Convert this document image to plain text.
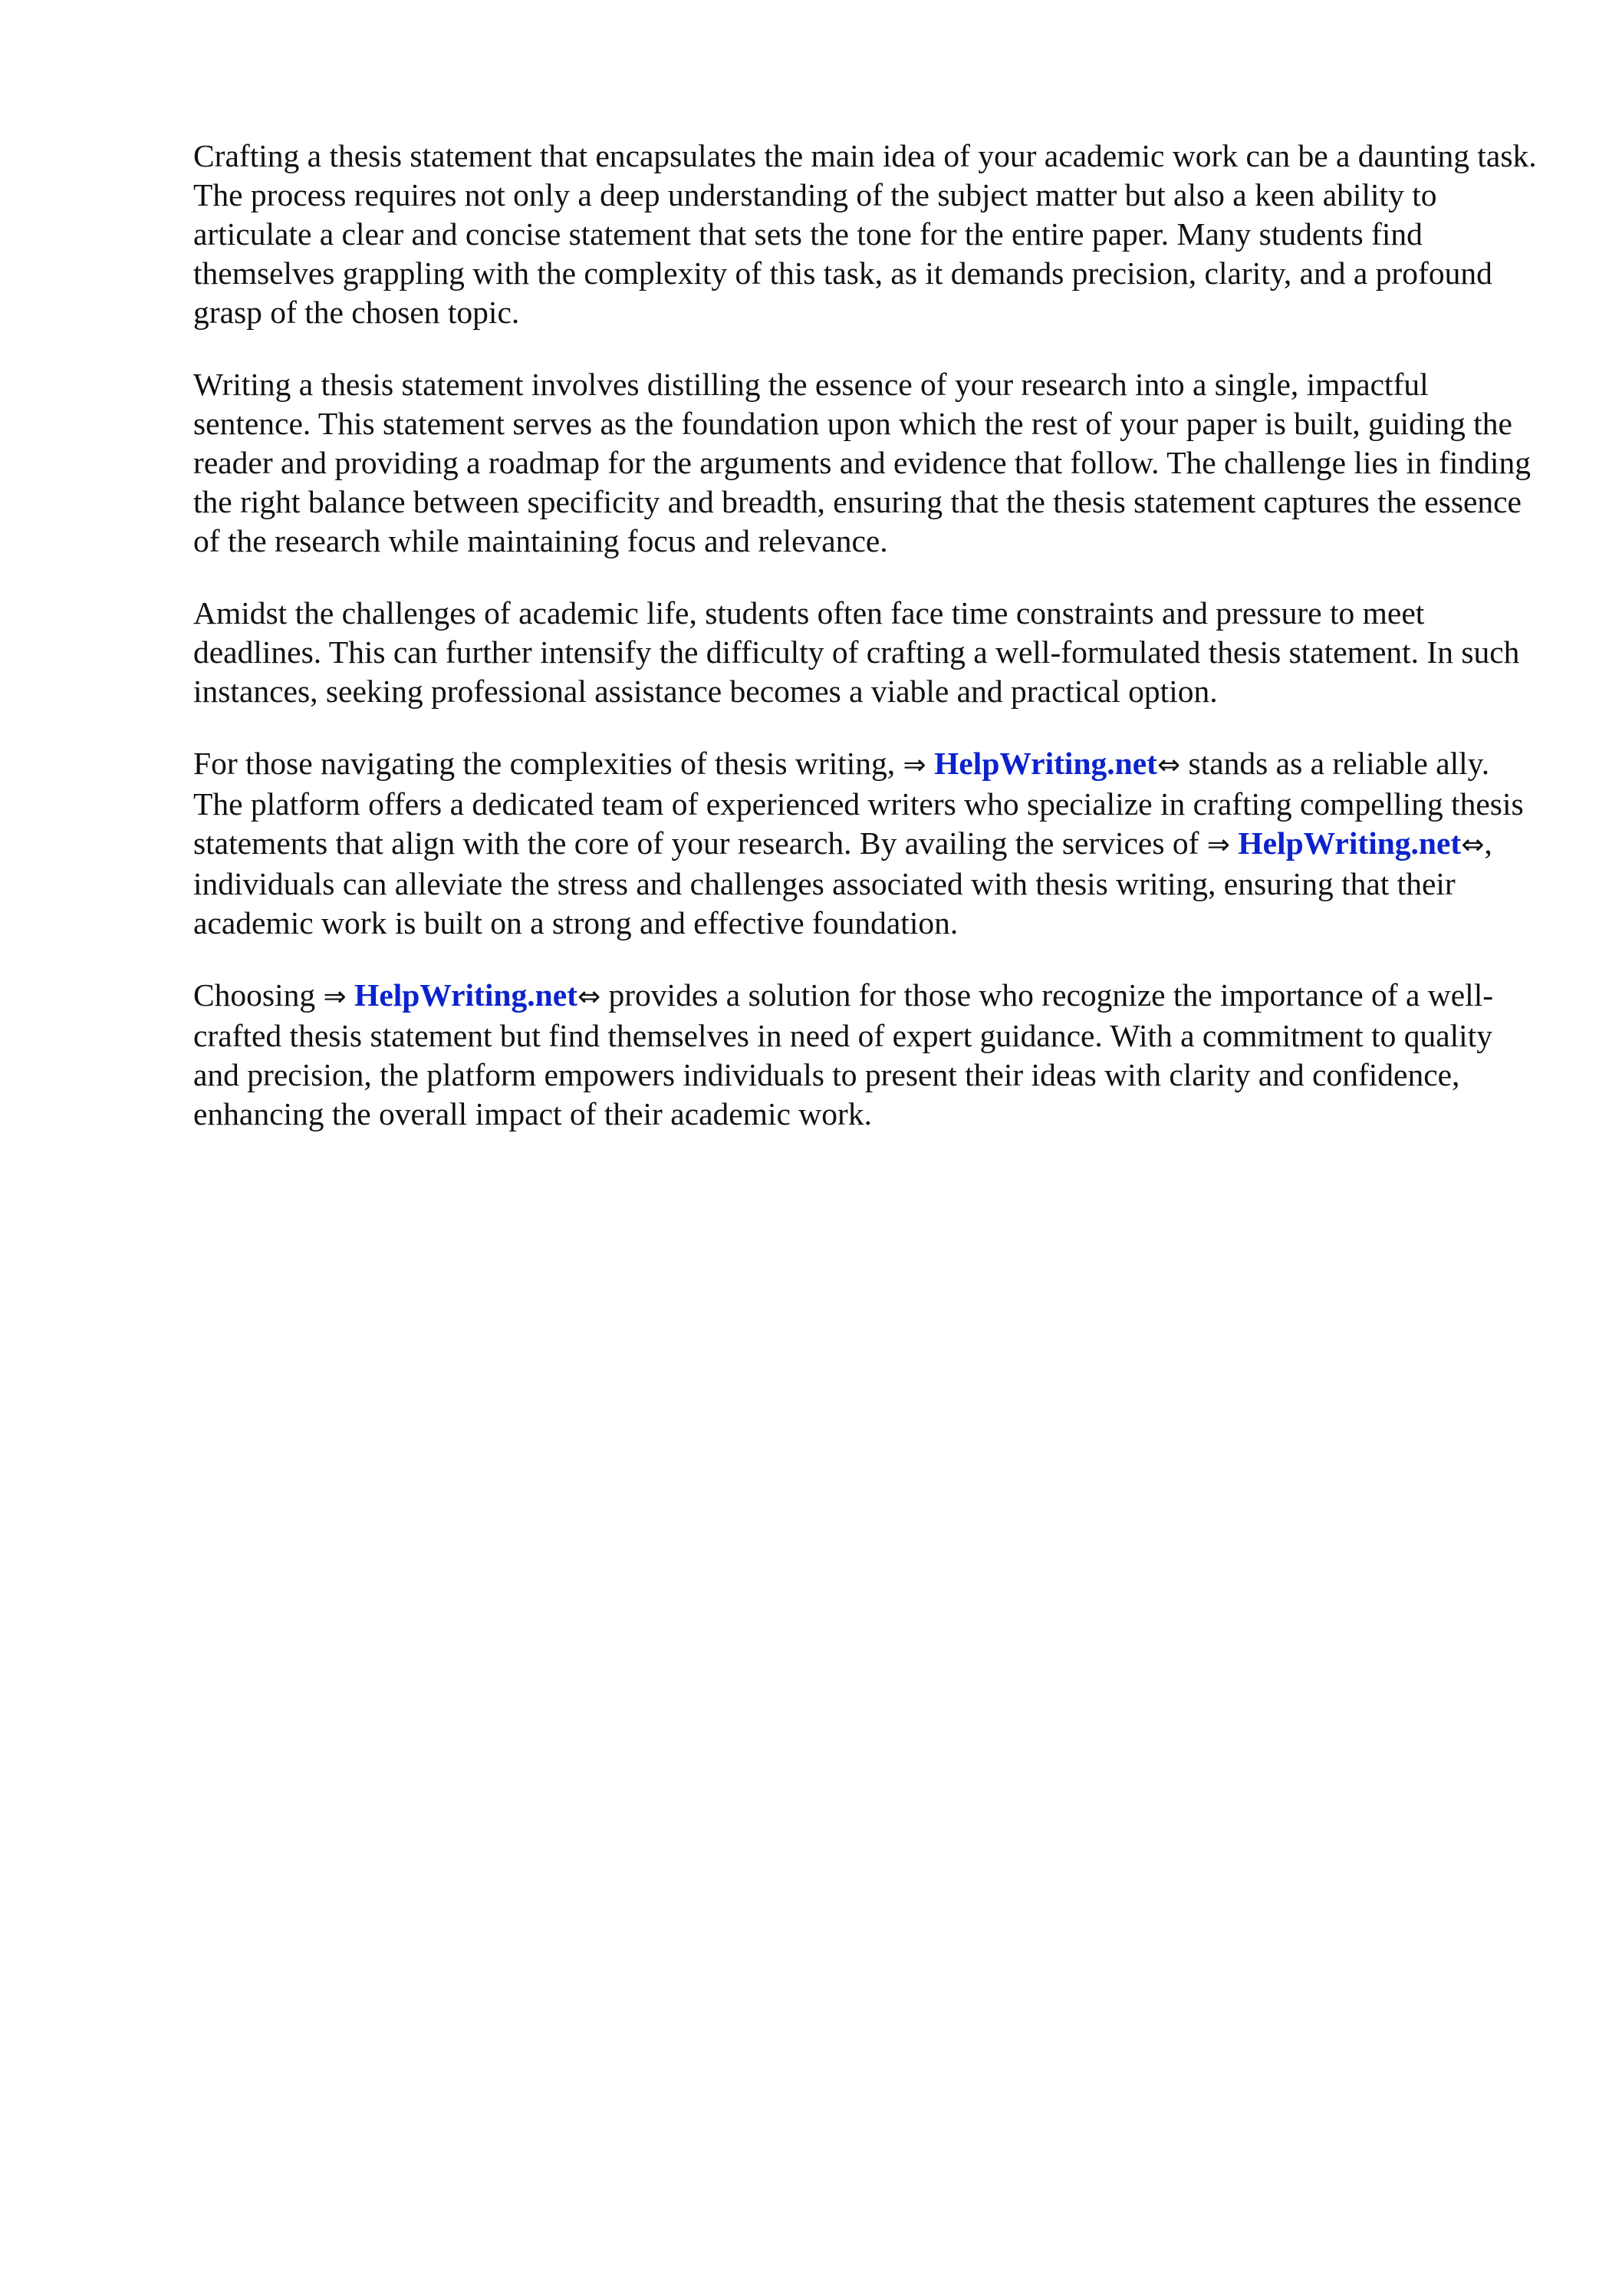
Crafting a thesis statement that encapsulates the main idea of your academic work can be a daunting task. The process requires not only a deep understanding of the subject matter but also a keen ability to articulate a clear and concise statement that sets the tone for the entire paper. Many students find themselves grappling with the complexity of this task, as it demands precision, clarity, and a profound grasp of the chosen topic.

Writing a thesis statement involves distilling the essence of your research into a single, impactful sentence. This statement serves as the foundation upon which the rest of your paper is built, guiding the reader and providing a roadmap for the arguments and evidence that follow. The challenge lies in finding the right balance between specificity and breadth, ensuring that the thesis statement captures the essence of the research while maintaining focus and relevance.

Amidst the challenges of academic life, students often face time constraints and pressure to meet deadlines. This can further intensify the difficulty of crafting a well-formulated thesis statement. In such instances, seeking professional assistance becomes a viable and practical option.

For those navigating the complexities of thesis writing, ⇒ HelpWriting.net⇔ stands as a reliable ally. The platform offers a dedicated team of experienced writers who specialize in crafting compelling thesis statements that align with the core of your research. By availing the services of ⇒ HelpWriting.net⇔, individuals can alleviate the stress and challenges associated with thesis writing, ensuring that their academic work is built on a strong and effective foundation.

Choosing ⇒ HelpWriting.net⇔ provides a solution for those who recognize the importance of a well-crafted thesis statement but find themselves in need of expert guidance. With a commitment to quality and precision, the platform empowers individuals to present their ideas with clarity and confidence, enhancing the overall impact of their academic work.
